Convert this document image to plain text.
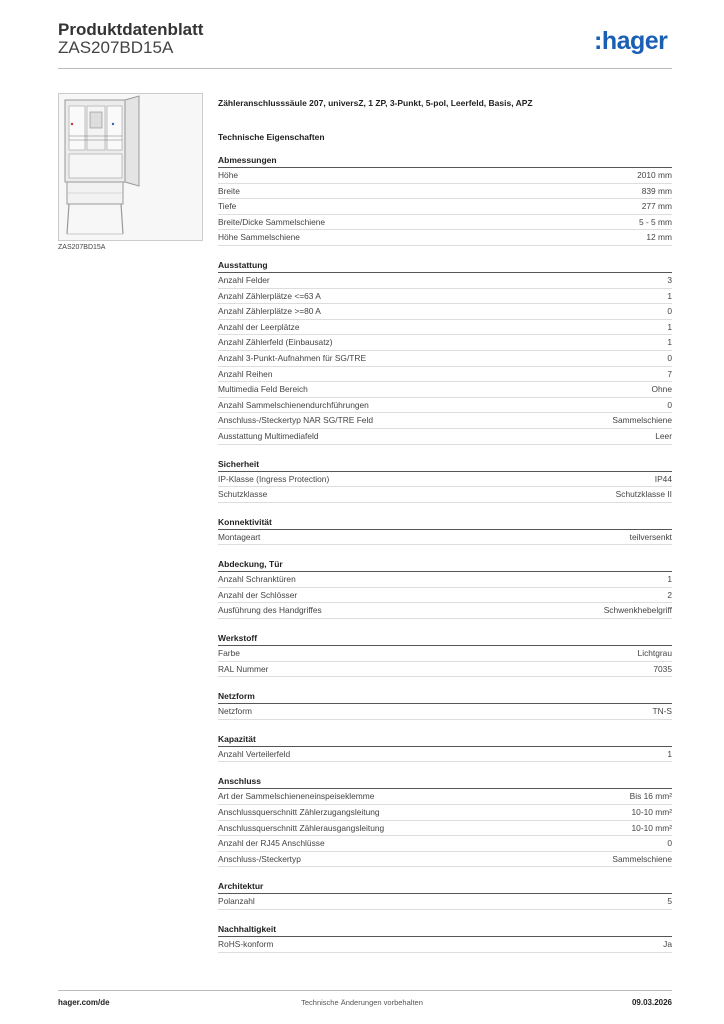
Produktdatenblatt
ZAS207BD15A	:hager
ZAS207BD15A
Zähleranschlusssäule 207, universZ, 1 ZP, 3-Punkt, 5-pol, Leerfeld, Basis, APZ
Technische Eigenschaften
Abmessungen
Höhe	2010 mm
Breite	839 mm
Tiefe	277 mm
Breite/Dicke Sammelschiene	5 - 5 mm
Höhe Sammelschiene	12 mm
Ausstattung
Anzahl Felder	3
Anzahl Zählerplätze <=63 A	1
Anzahl Zählerplätze >=80 A	0
Anzahl der Leerplätze	1
Anzahl Zählerfeld (Einbausatz)	1
Anzahl 3-Punkt-Aufnahmen für SG/TRE	0
Anzahl Reihen	7
Multimedia Feld Bereich	Ohne
Anzahl Sammelschienendurchführungen	0
Anschluss-/Steckertyp NAR SG/TRE Feld	Sammelschiene
Ausstattung Multimediafeld	Leer
Sicherheit
IP-Klasse (Ingress Protection)	IP44
Schutzklasse	Schutzklasse II
Konnektivität
Montageart	teilversenkt
Abdeckung, Tür
Anzahl Schranktüren	1
Anzahl der Schlösser	2
Ausführung des Handgriffes	Schwenkhebelgriff
Werkstoff
Farbe	Lichtgrau
RAL Nummer	7035
Netzform
Netzform	TN-S
Kapazität
Anzahl Verteilerfeld	1
Anschluss
Art der Sammelschieneneinspeiseklemme	Bis 16 mm²
Anschlussquerschnitt Zählerzugangsleitung	10-10 mm²
Anschlussquerschnitt Zählerausgangsleitung	10-10 mm²
Anzahl der RJ45 Anschlüsse	0
Anschluss-/Steckertyp	Sammelschiene
Architektur
Polanzahl	5
Nachhaltigkeit
RoHS-konform	Ja
hager.com/de	Technische Änderungen vorbehalten	09.03.2026
